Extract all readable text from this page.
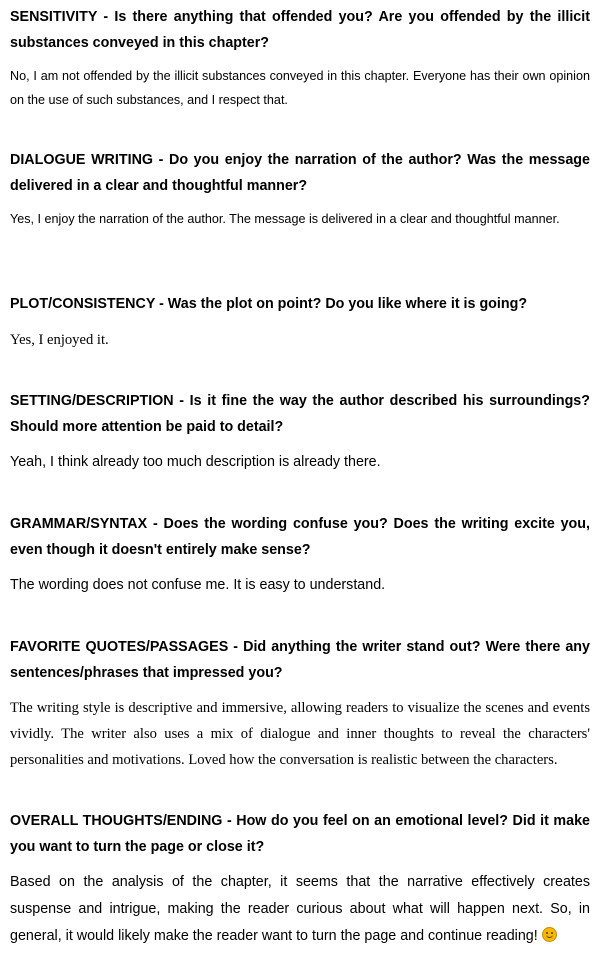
SENSITIVITY - Is there anything that offended you? Are you offended by the illicit substances conveyed in this chapter?

No, I am not offended by the illicit substances conveyed in this chapter. Everyone has their own opinion on the use of such substances, and I respect that.

DIALOGUE WRITING - Do you enjoy the narration of the author? Was the message delivered in a clear and thoughtful manner?

Yes, I enjoy the narration of the author. The message is delivered in a clear and thoughtful manner.

PLOT/CONSISTENCY - Was the plot on point? Do you like where it is going?

Yes, I enjoyed it.

SETTING/DESCRIPTION - Is it fine the way the author described his surroundings? Should more attention be paid to detail?

Yeah, I think already too much description is already there.

GRAMMAR/SYNTAX - Does the wording confuse you? Does the writing excite you, even though it doesn't entirely make sense?

The wording does not confuse me. It is easy to understand.

FAVORITE QUOTES/PASSAGES - Did anything the writer stand out? Were there any sentences/phrases that impressed you?

The writing style is descriptive and immersive, allowing readers to visualize the scenes and events vividly. The writer also uses a mix of dialogue and inner thoughts to reveal the characters' personalities and motivations. Loved how the conversation is realistic between the characters.

OVERALL THOUGHTS/ENDING - How do you feel on an emotional level? Did it make you want to turn the page or close it?

Based on the analysis of the chapter, it seems that the narrative effectively creates suspense and intrigue, making the reader curious about what will happen next. So, in general, it would likely make the reader want to turn the page and continue reading!
